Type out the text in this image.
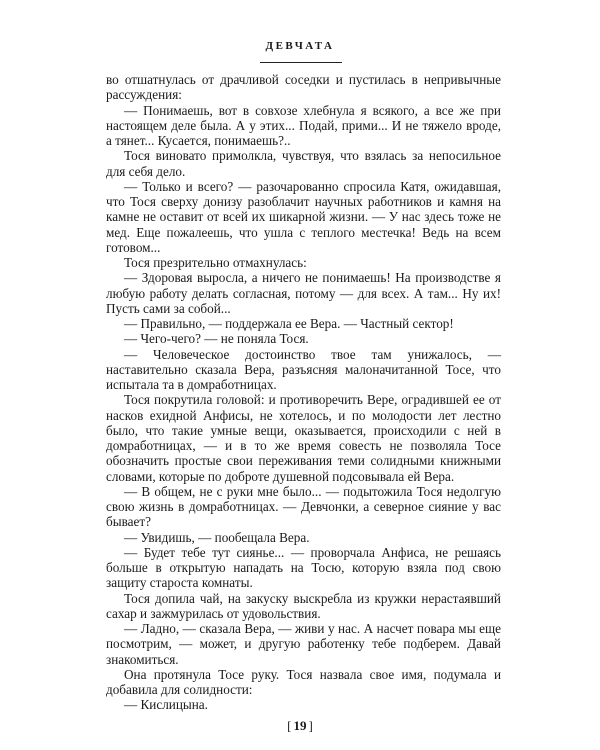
ДЕВЧАТА

во отшатнулась от драчливой соседки и пустилась в непривычные рассуждения:

— Понимаешь, вот в совхозе хлебнула я всякого, а все же при настоящем деле была. А у этих... Подай, прими... И не тяжело вроде, а тянет... Кусается, понимаешь?..

Тося виновато примолкла, чувствуя, что взялась за непосильное для себя дело.

— Только и всего? — разочарованно спросила Катя, ожидавшая, что Тося сверху донизу разоблачит научных работников и камня на камне не оставит от всей их шикарной жизни. — У нас здесь тоже не мед. Еще пожалеешь, что ушла с теплого местечка! Ведь на всем готовом...

Тося презрительно отмахнулась:

— Здоровая выросла, а ничего не понимаешь! На производстве я любую работу делать согласная, потому — для всех. А там... Ну их! Пусть сами за собой...

— Правильно, — поддержала ее Вера. — Частный сектор!

— Чего-чего? — не поняла Тося.

— Человеческое достоинство твое там унижалось, — наставительно сказала Вера, разъясняя малоначитанной Тосе, что испытала та в домработницах.

Тося покрутила головой: и противоречить Вере, оградившей ее от насков ехидной Анфисы, не хотелось, и по молодости лет лестно было, что такие умные вещи, оказывается, происходили с ней в домработницах, — и в то же время совесть не позволяла Тосе обозначить простые свои переживания теми солидными книжными словами, которые по доброте душевной подсовывала ей Вера.

— В общем, не с руки мне было... — подытожила Тося недолгую свою жизнь в домработницах. — Девчонки, а северное сияние у вас бывает?

— Увидишь, — пообещала Вера.

— Будет тебе тут сиянье... — проворчала Анфиса, не решаясь больше в открытую нападать на Тосю, которую взяла под свою защиту староста комнаты.

Тося допила чай, на закуску выскребла из кружки нерастаявший сахар и зажмурилась от удовольствия.

— Ладно, — сказала Вера, — живи у нас. А насчет повара мы еще посмотрим, — может, и другую работенку тебе подберем. Давай знакомиться.

Она протянула Тосе руку. Тося назвала свое имя, подумала и добавила для солидности:

— Кислицына.

[ 19 ]
